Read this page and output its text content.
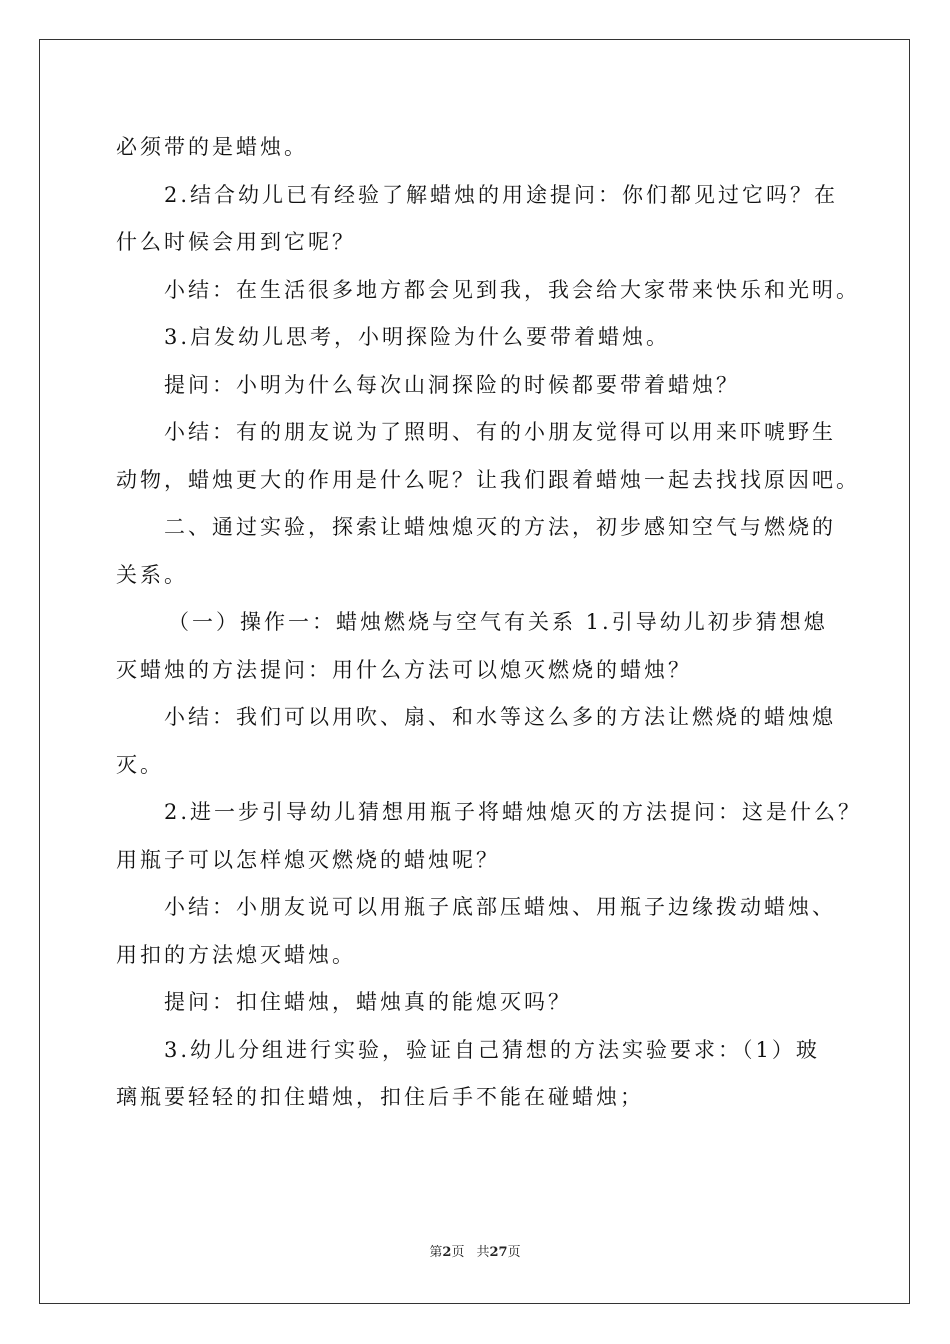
必须带的是蜡烛。

2.结合幼儿已有经验了解蜡烛的用途提问：你们都见过它吗？在

什么时候会用到它呢？

小结：在生活很多地方都会见到我，我会给大家带来快乐和光明。

3.启发幼儿思考，小明探险为什么要带着蜡烛。

提问：小明为什么每次山洞探险的时候都要带着蜡烛？

小结：有的朋友说为了照明、有的小朋友觉得可以用来吓唬野生

动物，蜡烛更大的作用是什么呢？让我们跟着蜡烛一起去找找原因吧。

二、通过实验，探索让蜡烛熄灭的方法，初步感知空气与燃烧的

关系。

（一）操作一：蜡烛燃烧与空气有关系 1.引导幼儿初步猜想熄

灭蜡烛的方法提问：用什么方法可以熄灭燃烧的蜡烛？

小结：我们可以用吹、扇、和水等这么多的方法让燃烧的蜡烛熄

灭。

2.进一步引导幼儿猜想用瓶子将蜡烛熄灭的方法提问：这是什么？

用瓶子可以怎样熄灭燃烧的蜡烛呢？

小结：小朋友说可以用瓶子底部压蜡烛、用瓶子边缘拨动蜡烛、

用扣的方法熄灭蜡烛。

提问：扣住蜡烛，蜡烛真的能熄灭吗？

3.幼儿分组进行实验，验证自己猜想的方法实验要求：（1）玻

璃瓶要轻轻的扣住蜡烛，扣住后手不能在碰蜡烛；

第2页 共27页
